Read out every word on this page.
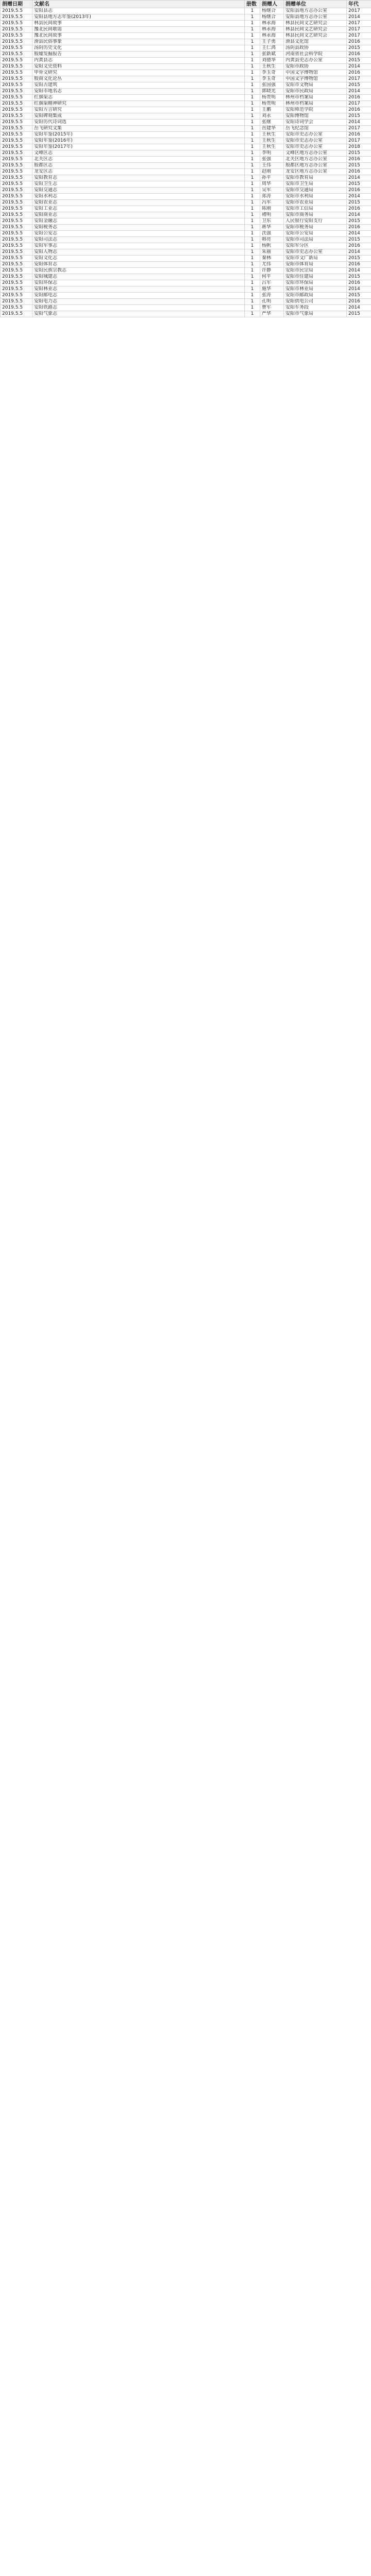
捐赠日期	文献名	册数	捐赠人	捐赠单位	年代
2019.5.5	安阳县志	1	杨继合	安阳县地方志办公室	2017
2019.5.5	安阳县地方志年鉴(2013年)	1	杨继合	安阳县地方志办公室	2014
2019.5.5	林县民间故事	1	林永海	林县民间文艺研究会	2017
2019.5.5	豫北民间歌谣	1	林永海	林县民间文艺研究会	2017
2019.5.5	豫北民间故事	1	林永海	林县民间文艺研究会	2017
2019.5.5	滑县民俗事象	1	王子勇	滑县文化馆	2016
2019.5.5	汤阴历史文化	1	王仁鸿	汤阴县政协	2015
2019.5.5	殷墟发掘报告	1	张新斌	河南省社会科学院	2016
2019.5.5	内黄县志	1	刘德华	内黄县史志办公室	2015
2019.5.5	安阳文史资料	1	王秋生	安阳市政协	2014
2019.5.5	甲骨文研究	1	李玉奇	中国文字博物馆	2016
2019.5.5	殷商文化论丛	1	李玉奇	中国文字博物馆	2017
2019.5.5	安阳古建筑	1	张国强	安阳市文物局	2015
2019.5.5	安阳市地名志	1	郭晓光	安阳市民政局	2014
2019.5.5	红旗渠志	1	杨贵明	林州市档案局	2016
2019.5.5	红旗渠精神研究	1	杨贵明	林州市档案局	2017
2019.5.5	安阳方言研究	1	王鹏	安阳师范学院	2016
2019.5.5	安阳碑刻集成	1	刘永	安阳博物馆	2015
2019.5.5	安阳历代诗词选	1	张继	安阳诗词学会	2014
2019.5.5	岳飞研究文集	1	岳建华	岳飞纪念馆	2017
2019.5.5	安阳年鉴(2015年)	1	王秋生	安阳市史志办公室	2016
2019.5.5	安阳年鉴(2016年)	1	王秋生	安阳市史志办公室	2017
2019.5.5	安阳年鉴(2017年)	1	王秋生	安阳市史志办公室	2018
2019.5.5	文峰区志	1	李明	文峰区地方志办公室	2015
2019.5.5	北关区志	1	张强	北关区地方志办公室	2016
2019.5.5	殷都区志	1	王伟	殷都区地方志办公室	2015
2019.5.5	龙安区志	1	赵刚	龙安区地方志办公室	2016
2019.5.5	安阳教育志	1	孙平	安阳市教育局	2014
2019.5.5	安阳卫生志	1	周华	安阳市卫生局	2015
2019.5.5	安阳交通志	1	吴军	安阳市交通局	2016
2019.5.5	安阳水利志	1	郑涛	安阳市水利局	2014
2019.5.5	安阳农业志	1	冯军	安阳市农业局	2015
2019.5.5	安阳工业志	1	陈刚	安阳市工信局	2016
2019.5.5	安阳商业志	1	褚明	安阳市商务局	2014
2019.5.5	安阳金融志	1	卫东	人民银行安阳支行	2015
2019.5.5	安阳税务志	1	蒋华	安阳市税务局	2016
2019.5.5	安阳公安志	1	沈强	安阳市公安局	2014
2019.5.5	安阳司法志	1	韩亮	安阳市司法局	2015
2019.5.5	安阳军事志	1	杨帆	安阳军分区	2016
2019.5.5	安阳人物志	1	朱丽	安阳市史志办公室	2014
2019.5.5	安阳文化志	1	秦林	安阳市文广新局	2015
2019.5.5	安阳体育志	1	尤伟	安阳市体育局	2016
2019.5.5	安阳民族宗教志	1	许静	安阳市民宗局	2014
2019.5.5	安阳城建志	1	何平	安阳市住建局	2015
2019.5.5	安阳环保志	1	吕军	安阳市环保局	2016
2019.5.5	安阳林业志	1	施华	安阳市林业局	2014
2019.5.5	安阳邮电志	1	张涛	安阳市邮政局	2015
2019.5.5	安阳电力志	1	孔明	安阳供电公司	2016
2019.5.5	安阳铁路志	1	曹军	安阳车务段	2014
2019.5.5	安阳气象志	1	严华	安阳市气象局	2015
